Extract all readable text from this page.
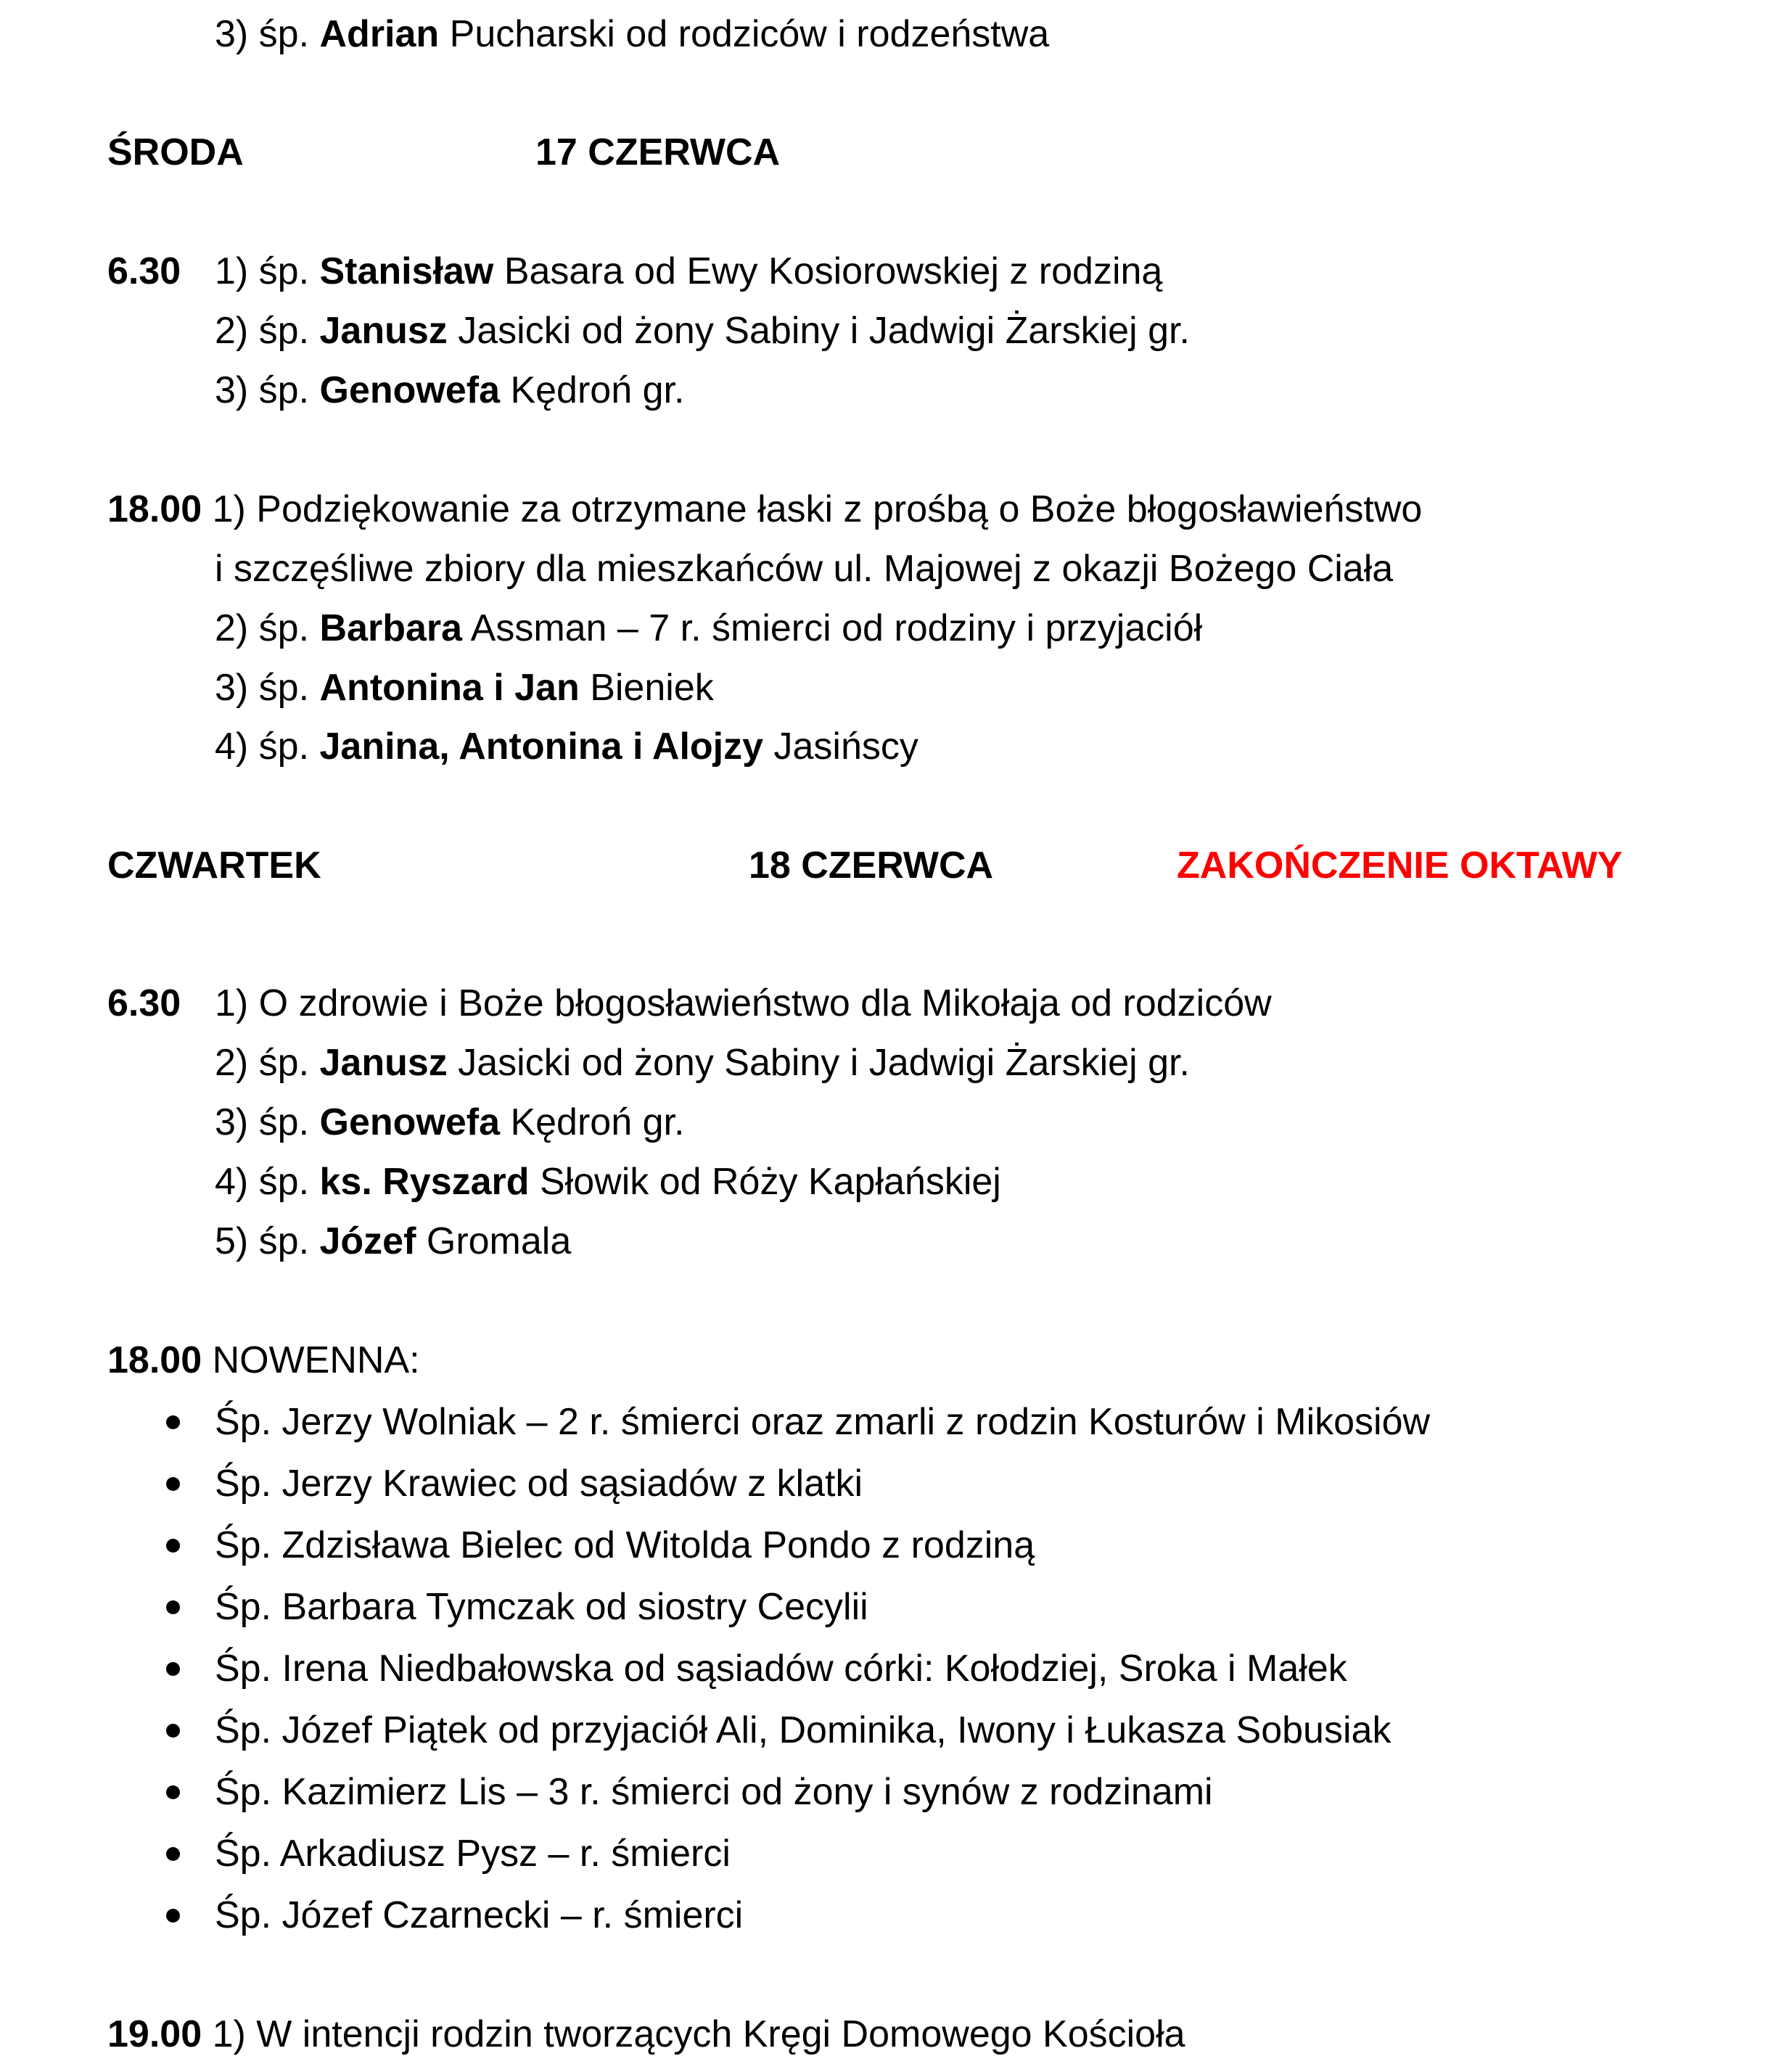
3) śp. Adrian Pucharski od rodziców i rodzeństwa
ŚRODA	17 CZERWCA
6.30 1) śp. Stanisław Basara od Ewy Kosiorowskiej z rodziną
2) śp. Janusz Jasicki od żony Sabiny i Jadwigi Żarskiej gr.
3) śp. Genowefa Kędroń gr.
18.00 1) Podziękowanie za otrzymane łaski z prośbą o Boże błogosławieństwo
i szczęśliwe zbiory dla mieszkańców ul. Majowej z okazji Bożego Ciała
2) śp. Barbara Assman – 7 r. śmierci od rodziny i przyjaciół
3) śp. Antonina i Jan Bieniek
4) śp. Janina, Antonina i Alojzy Jasińscy
CZWARTEK	18 CZERWCA	ZAKOŃCZENIE OKTAWY
6.30 1) O zdrowie i Boże błogosławieństwo dla Mikołaja od rodziców
2) śp. Janusz Jasicki od żony Sabiny i Jadwigi Żarskiej gr.
3) śp. Genowefa Kędroń gr.
4) śp. ks. Ryszard Słowik od Róży Kapłańskiej
5) śp. Józef Gromala
18.00 NOWENNA:
Śp. Jerzy Wolniak – 2 r. śmierci oraz zmarli z rodzin Kosturów i Mikosiów
Śp. Jerzy Krawiec od sąsiadów z klatki
Śp. Zdzisława Bielec od Witolda Pondo z rodziną
Śp. Barbara Tymczak od siostry Cecylii
Śp. Irena Niedbałowska od sąsiadów córki: Kołodziej, Sroka i Małek
Śp. Józef Piątek od przyjaciół Ali, Dominika, Iwony i Łukasza Sobusiak
Śp. Kazimierz Lis – 3 r. śmierci od żony i synów z rodzinami
Śp. Arkadiusz Pysz – r. śmierci
Śp. Józef Czarnecki – r. śmierci
19.00 1) W intencji rodzin tworzących Kręgi Domowego Kościoła
